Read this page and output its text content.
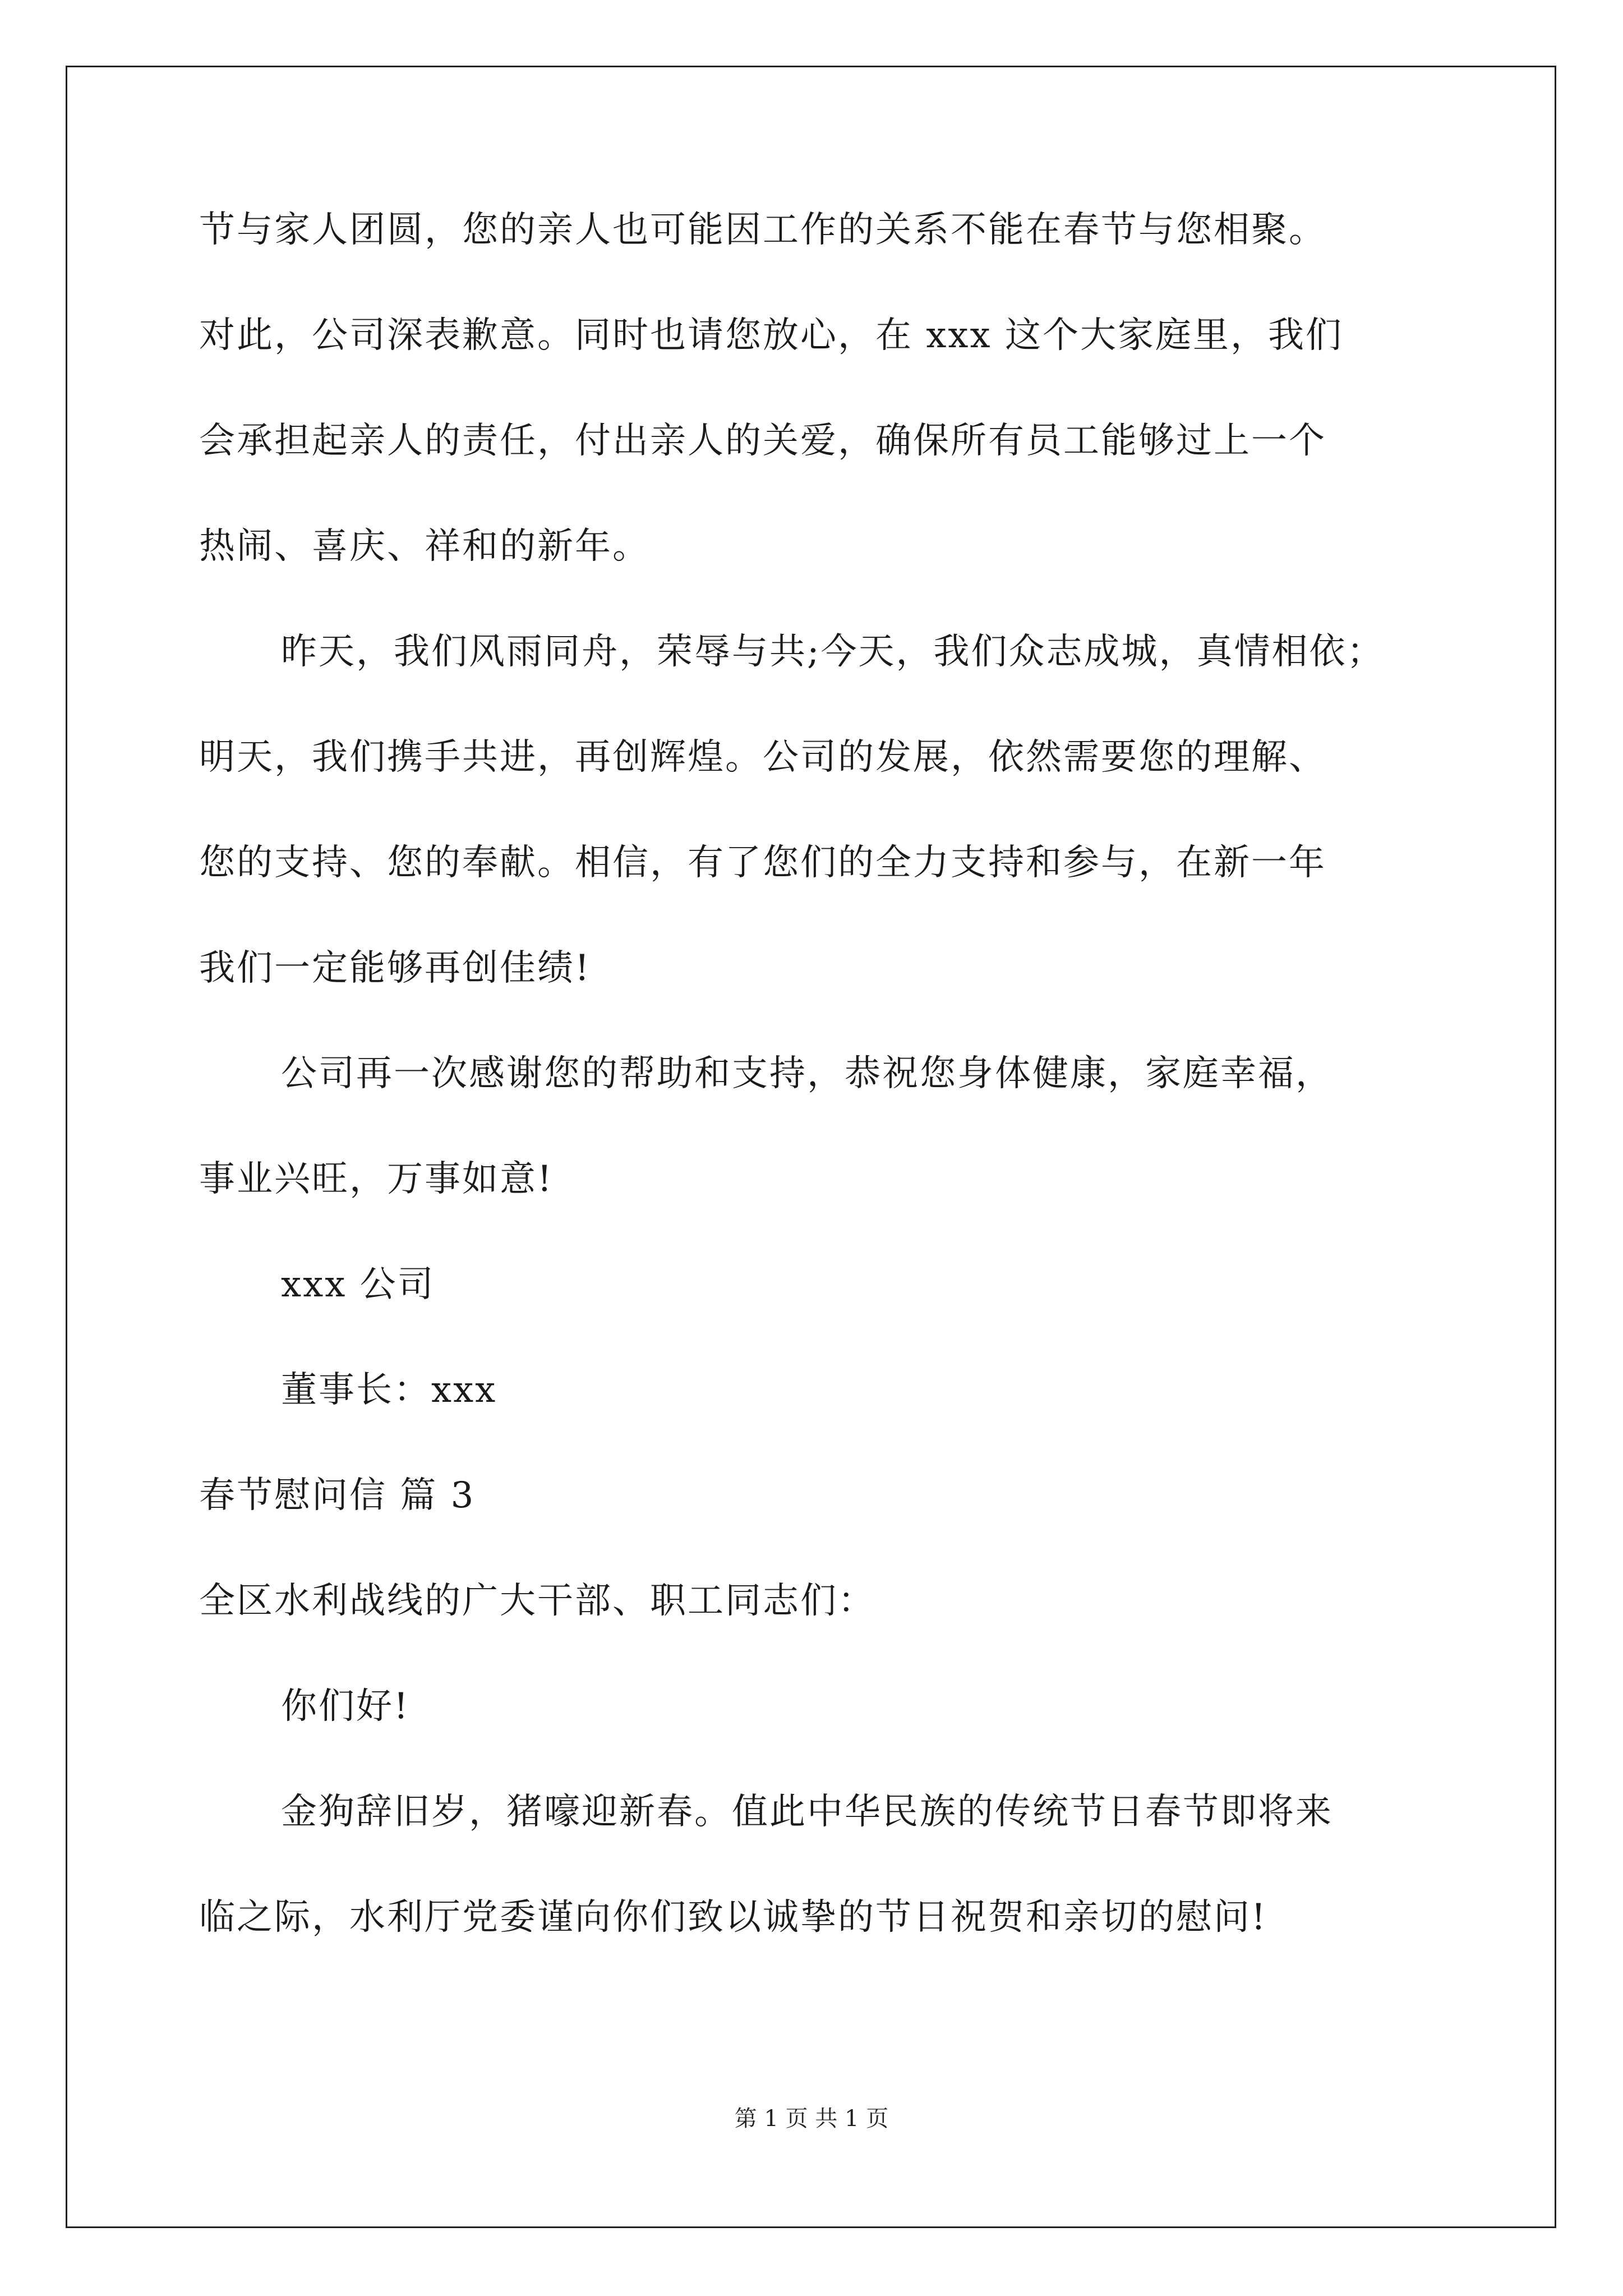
节与家人团圆，您的亲人也可能因工作的关系不能在春节与您相聚。
对此，公司深表歉意。同时也请您放心，在 xxx 这个大家庭里，我们
会承担起亲人的责任，付出亲人的关爱，确保所有员工能够过上一个
热闹、喜庆、祥和的新年。
昨天，我们风雨同舟，荣辱与共;今天，我们众志成城，真情相依；
明天，我们携手共进，再创辉煌。公司的发展，依然需要您的理解、
您的支持、您的奉献。相信，有了您们的全力支持和参与，在新一年
我们一定能够再创佳绩!
公司再一次感谢您的帮助和支持，恭祝您身体健康，家庭幸福，
事业兴旺，万事如意!
xxx 公司
董事长：xxx
春节慰问信 篇 3
全区水利战线的广大干部、职工同志们：
你们好!
金狗辞旧岁，猪嚎迎新春。值此中华民族的传统节日春节即将来
临之际，水利厅党委谨向你们致以诚挚的节日祝贺和亲切的慰问!
第 1 页 共 1 页
